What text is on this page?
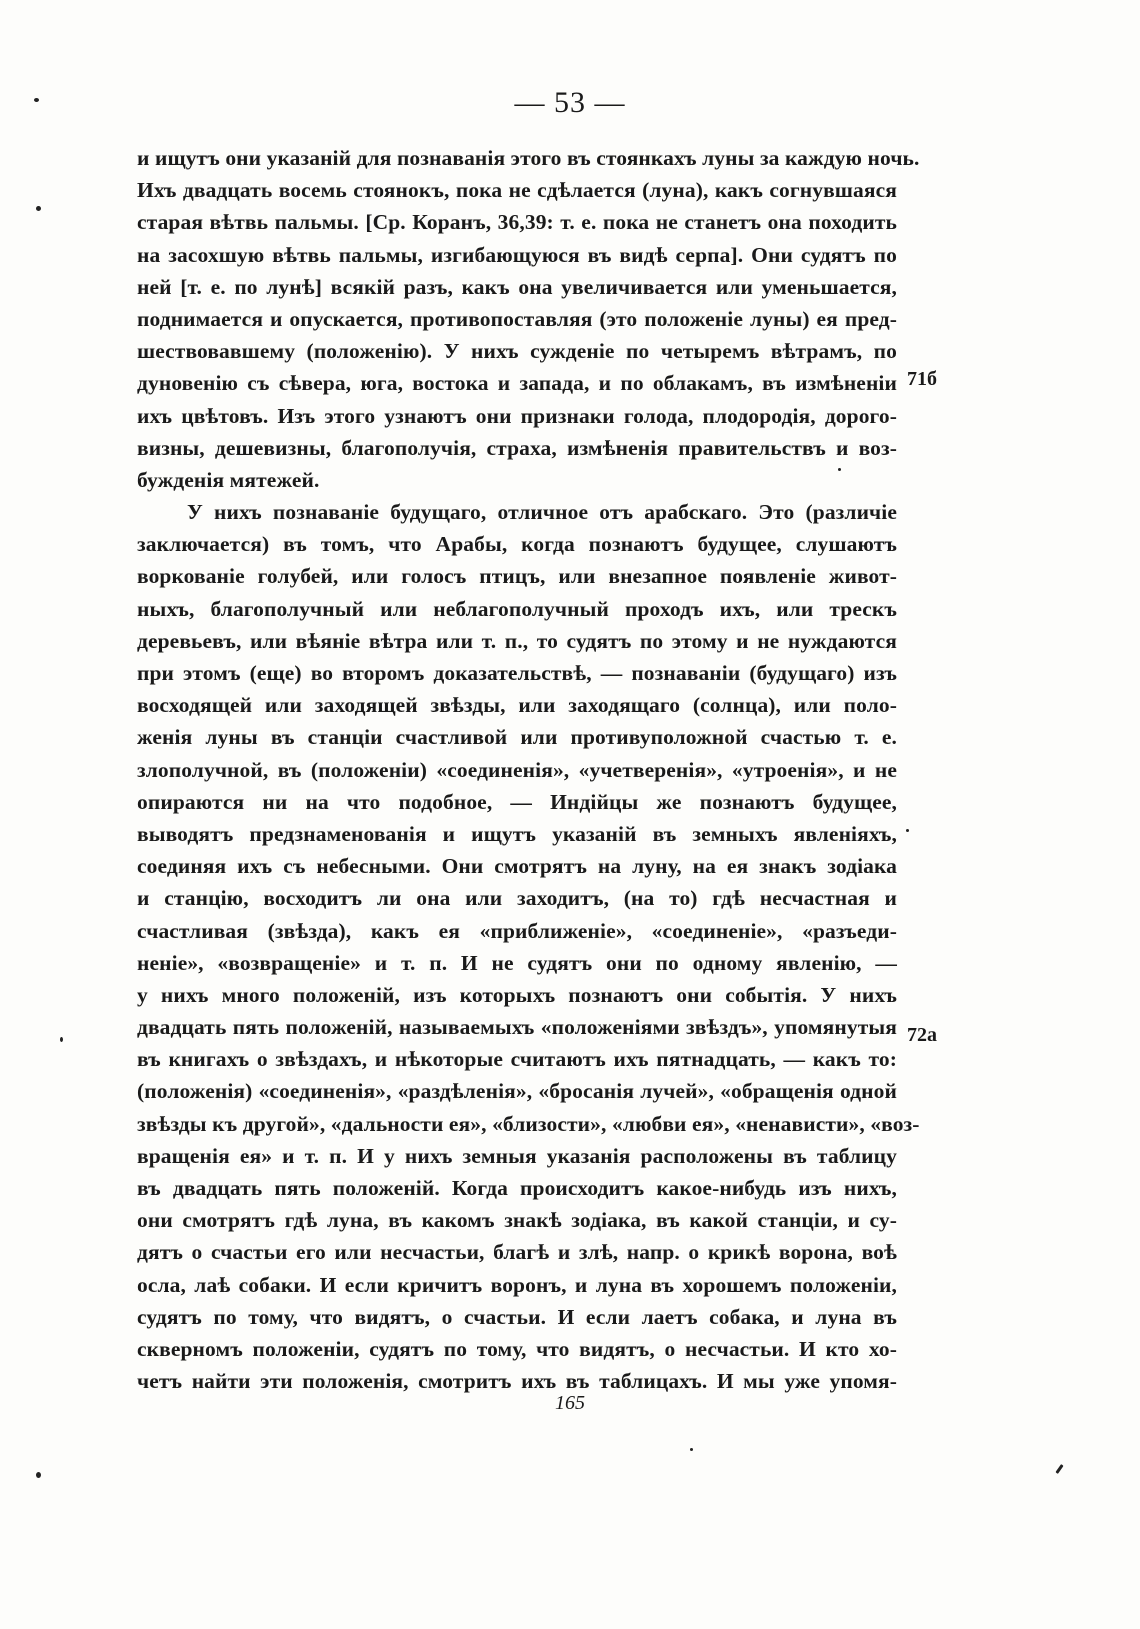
— 53 —
и ищутъ они указаній для познаванія этого въ стоянкахъ луны за каждую ночь.
Ихъ двадцать восемь стоянокъ, пока не сдѣлается (луна), какъ согнувшаяся
старая вѣтвь пальмы. [Ср. Коранъ, 36,39: т. е. пока не станетъ она походить
на засохшую вѣтвь пальмы, изгибающуюся въ видѣ серпа]. Они судятъ по
ней [т. е. по лунѣ] всякій разъ, какъ она увеличивается или уменьшается,
поднимается и опускается, противопоставляя (это положеніе луны) ея пред-
шествовавшему (положенію). У нихъ сужденіе по четыремъ вѣтрамъ, по
дуновенію съ сѣвера, юга, востока и запада, и по облакамъ, въ измѣненіи
ихъ цвѣтовъ. Изъ этого узнаютъ они признаки голода, плодородія, дорого-
визны, дешевизны, благополучія, страха, измѣненія правительствъ и воз-
бужденія мятежей.
У нихъ познаваніе будущаго, отличное отъ арабскаго. Это (различіе
заключается) въ томъ, что Арабы, когда познаютъ будущее, слушаютъ
воркованіе голубей, или голосъ птицъ, или внезапное появленіе живот-
ныхъ, благополучный или неблагополучный проходъ ихъ, или трескъ
деревьевъ, или вѣяніе вѣтра или т. п., то судятъ по этому и не нуждаются
при этомъ (еще) во второмъ доказательствѣ, — познаваніи (будущаго) изъ
восходящей или заходящей звѣзды, или заходящаго (солнца), или поло-
женія луны въ станціи счастливой или противуположной счастью т. е.
злополучной, въ (положеніи) «соединенія», «учетверенія», «утроенія», и не
опираются ни на что подобное, — Индійцы же познаютъ будущее,
выводятъ предзнаменованія и ищутъ указаній въ земныхъ явленіяхъ,
соединяя ихъ съ небесными. Они смотрятъ на луну, на ея знакъ зодіака
и станцію, восходитъ ли она или заходитъ, (на то) гдѣ несчастная и
счастливая (звѣзда), какъ ея «приближеніе», «соединеніе», «разъеди-
неніе», «возвращеніе» и т. п. И не судятъ они по одному явленію, —
у нихъ много положеній, изъ которыхъ познаютъ они событія. У нихъ
двадцать пять положеній, называемыхъ «положеніями звѣздъ», упомянутыя
въ книгахъ о звѣздахъ, и нѣкоторые считаютъ ихъ пятнадцать, — какъ то:
(положенія) «соединенія», «раздѣленія», «бросанія лучей», «обращенія одной
звѣзды къ другой», «дальности ея», «близости», «любви ея», «ненависти», «воз-
вращенія ея» и т. п. И у нихъ земныя указанія расположены въ таблицу
въ двадцать пять положеній. Когда происходитъ какое-нибудь изъ нихъ,
они смотрятъ гдѣ луна, въ какомъ знакѣ зодіака, въ какой станціи, и су-
дятъ о счастьи его или несчастьи, благѣ и злѣ, напр. о крикѣ ворона, воѣ
осла, лаѣ собаки. И если кричитъ воронъ, и луна въ хорошемъ положеніи,
судятъ по тому, что видятъ, о счастьи. И если лаетъ собака, и луна въ
скверномъ положеніи, судятъ по тому, что видятъ, о несчастьи. И кто хо-
четъ найти эти положенія, смотритъ ихъ въ таблицахъ. И мы уже упомя-
71б
72a
165
